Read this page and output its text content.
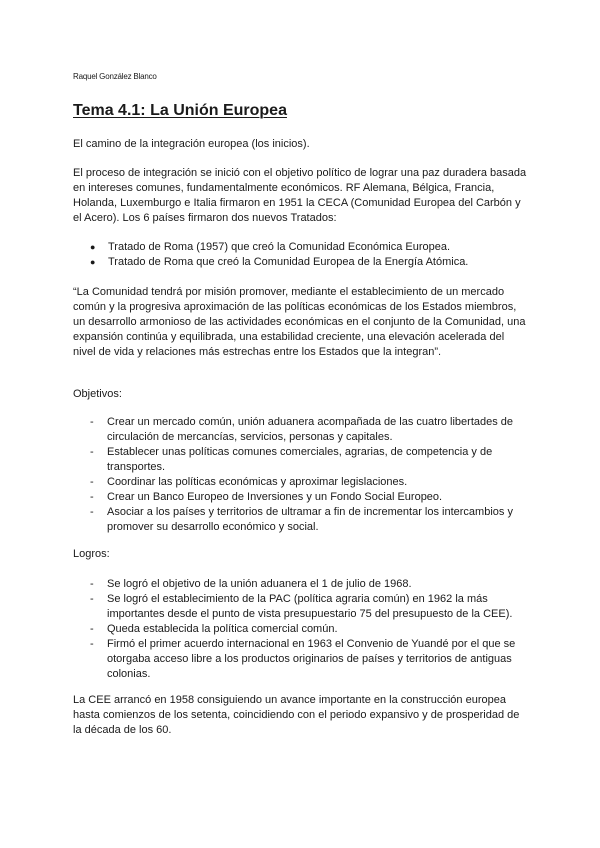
Raquel González Blanco
Tema 4.1: La Unión Europea

El camino de la integración europea (los inicios).

El proceso de integración se inició con el objetivo político de lograr una paz duradera basada en intereses comunes, fundamentalmente económicos. RF Alemana, Bélgica, Francia, Holanda, Luxemburgo e Italia firmaron en 1951 la CECA (Comunidad Europea del Carbón y el Acero). Los 6 países firmaron dos nuevos Tratados:

● Tratado de Roma (1957) que creó la Comunidad Económica Europea.
● Tratado de Roma que creó la Comunidad Europea de la Energía Atómica.

“La Comunidad tendrá por misión promover, mediante el establecimiento de un mercado común y la progresiva aproximación de las políticas económicas de los Estados miembros, un desarrollo armonioso de las actividades económicas en el conjunto de la Comunidad, una expansión continúa y equilibrada, una estabilidad creciente, una elevación acelerada del nivel de vida y relaciones más estrechas entre los Estados que la integran”.

Objetivos:

- Crear un mercado común, unión aduanera acompañada de las cuatro libertades de circulación de mercancías, servicios, personas y capitales.
- Establecer unas políticas comunes comerciales, agrarias, de competencia y de transportes.
- Coordinar las políticas económicas y aproximar legislaciones.
- Crear un Banco Europeo de Inversiones y un Fondo Social Europeo.
- Asociar a los países y territorios de ultramar a fin de incrementar los intercambios y promover su desarrollo económico y social.

Logros:

- Se logró el objetivo de la unión aduanera el 1 de julio de 1968.
- Se logró el establecimiento de la PAC (política agraria común) en 1962 la más importantes desde el punto de vista presupuestario 75 del presupuesto de la CEE).
- Queda establecida la política comercial común.
- Firmó el primer acuerdo internacional en 1963 el Convenio de Yuandé por el que se otorgaba acceso libre a los productos originarios de países y territorios de antiguas colonias.

La CEE arrancó en 1958 consiguiendo un avance importante en la construcción europea hasta comienzos de los setenta, coincidiendo con el periodo expansivo y de prosperidad de la década de los 60.
